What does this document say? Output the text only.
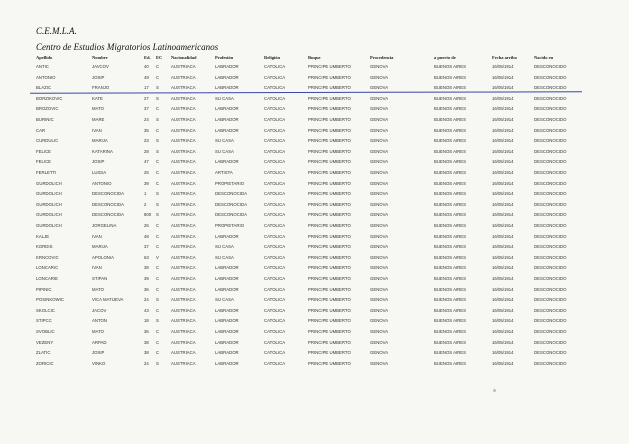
C.E.M.L.A.
Centro de Estudios Migratorios Latinoamericanos
Apellido	Nombre	Ed. EC Nacionalidad	Profesión	Religión	Buque	Procedencia	a puerto de	Fecha arribo	Nacido en
ANTIC	JAVCOV	40 C	AUSTRIACA	LABRADOR	CATOLICA	PRINCIPE UMBERTO	GENOVA	BUENOS AIRES	16/05/1914	DESCONOCIDO
ANTONIO	JOSIP	49 C	AUSTRIACA	LABRADOR	CATOLICA	PRINCIPE UMBERTO	GENOVA	BUENOS AIRES	16/05/1914	DESCONOCIDO
BLAZIC	FRANJO	17 S	AUSTRIACA	LABRADOR	CATOLICA	PRINCIPE UMBERTO	GENOVA	BUENOS AIRES	16/05/1914	DESCONOCIDO
BORZIKOVIC	KATE	27 S	AUSTRIACA	SU CASA	CATOLICA	PRINCIPE UMBERTO	GENOVA	BUENOS AIRES	16/05/1914	DESCONOCIDO
BROZOVIC	MATO	37 C	AUSTRIACA	LABRADOR	CATOLICA	PRINCIPE UMBERTO	GENOVA	BUENOS AIRES	16/05/1914	DESCONOCIDO
BURINIC	MARE	24 S	AUSTRIACA	LABRADOR	CATOLICA	PRINCIPE UMBERTO	GENOVA	BUENOS AIRES	16/05/1914	DESCONOCIDO
CAR	IVAN	35 C	AUSTRIACA	LABRADOR	CATOLICA	PRINCIPE UMBERTO	GENOVA	BUENOS AIRES	16/05/1914	DESCONOCIDO
CURDULIC	MARIJA	23 S	AUSTRIACA	SU CASA	CATOLICA	PRINCIPE UMBERTO	GENOVA	BUENOS AIRES	16/05/1914	DESCONOCIDO
FELICE	KATARINA	28 S	AUSTRIACA	SU CASA	CATOLICA	PRINCIPE UMBERTO	GENOVA	BUENOS AIRES	16/05/1914	DESCONOCIDO
FELICE	JOSIP	47 C	AUSTRIACA	LABRADOR	CATOLICA	PRINCIPE UMBERTO	GENOVA	BUENOS AIRES	16/05/1914	DESCONOCIDO
FERLETTI	LUIGIA	25 C	AUSTRIACA	ARTISTA	CATOLICA	PRINCIPE UMBERTO	GENOVA	BUENOS AIRES	16/05/1914	DESCONOCIDO
GURDOLICH	ANTONIO	39 C	AUSTRIACA	PROPIETARIO	CATOLICA	PRINCIPE UMBERTO	GENOVA	BUENOS AIRES	16/05/1914	DESCONOCIDO
GURDOLICH	DESCONOCIDA	1 S	AUSTRIACA	DESCONOCIDA	CATOLICA	PRINCIPE UMBERTO	GENOVA	BUENOS AIRES	16/05/1914	DESCONOCIDO
GURDOLICH	DESCONOCIDA	2 S	AUSTRIACA	DESCONOCIDA	CATOLICA	PRINCIPE UMBERTO	GENOVA	BUENOS AIRES	16/05/1914	DESCONOCIDO
GURDOLICH	DESCONOCIDA	800 S	AUSTRIACA	DESCONOCIDA	CATOLICA	PRINCIPE UMBERTO	GENOVA	BUENOS AIRES	16/05/1914	DESCONOCIDO
GURDOLICH	JORGELINA	26 C	AUSTRIACA	PROPIETARIO	CATOLICA	PRINCIPE UMBERTO	GENOVA	BUENOS AIRES	16/05/1914	DESCONOCIDO
KALJE	IVAN	48 C	AUSTRIACA	LABRADOR	CATOLICA	PRINCIPE UMBERTO	GENOVA	BUENOS AIRES	16/05/1914	DESCONOCIDO
KORDIS	MARIJA	37 C	AUSTRIACA	SU CASA	CATOLICA	PRINCIPE UMBERTO	GENOVA	BUENOS AIRES	16/05/1914	DESCONOCIDO
KRNCOVIC	APOLONIA	63 V	AUSTRIACA	SU CASA	CATOLICA	PRINCIPE UMBERTO	GENOVA	BUENOS AIRES	16/05/1914	DESCONOCIDO
LONCARIC	IVAN	38 C	AUSTRIACA	LABRADOR	CATOLICA	PRINCIPE UMBERTO	GENOVA	BUENOS AIRES	16/05/1914	DESCONOCIDO
LONCARIE	STIPAN	39 C	AUSTRIACA	LABRADOR	CATOLICA	PRINCIPE UMBERTO	GENOVA	BUENOS AIRES	16/05/1914	DESCONOCIDO
PIPINIC	MATO	36 C	AUSTRIACA	LABRADOR	CATOLICA	PRINCIPE UMBERTO	GENOVA	BUENOS AIRES	16/05/1914	DESCONOCIDO
POSINKOWIC	VICA MATIJEVA	24 S	AUSTRIACA	SU CASA	CATOLICA	PRINCIPE UMBERTO	GENOVA	BUENOS AIRES	16/05/1914	DESCONOCIDO
SKOLCIC	JACOV	43 C	AUSTRIACA	LABRADOR	CATOLICA	PRINCIPE UMBERTO	GENOVA	BUENOS AIRES	16/05/1914	DESCONOCIDO
STIPCC	ANTON	18 S	AUSTRIACA	LABRADOR	CATOLICA	PRINCIPE UMBERTO	GENOVA	BUENOS AIRES	16/05/1914	DESCONOCIDO
SVOBLIC	MATO	36 C	AUSTRIACA	LABRADOR	CATOLICA	PRINCIPE UMBERTO	GENOVA	BUENOS AIRES	16/05/1914	DESCONOCIDO
VEZENY	ARPAD	38 C	AUSTRIACA	LABRADOR	CATOLICA	PRINCIPE UMBERTO	GENOVA	BUENOS AIRES	16/05/1914	DESCONOCIDO
ZLATIC	JOSIP	38 C	AUSTRIACA	LABRADOR	CATOLICA	PRINCIPE UMBERTO	GENOVA	BUENOS AIRES	16/05/1914	DESCONOCIDO
ZORICIC	VINKO	24 S	AUSTRIACA	LABRADOR	CATOLICA	PRINCIPE UMBERTO	GENOVA	BUENOS AIRES	16/05/1914	DESCONOCIDO
